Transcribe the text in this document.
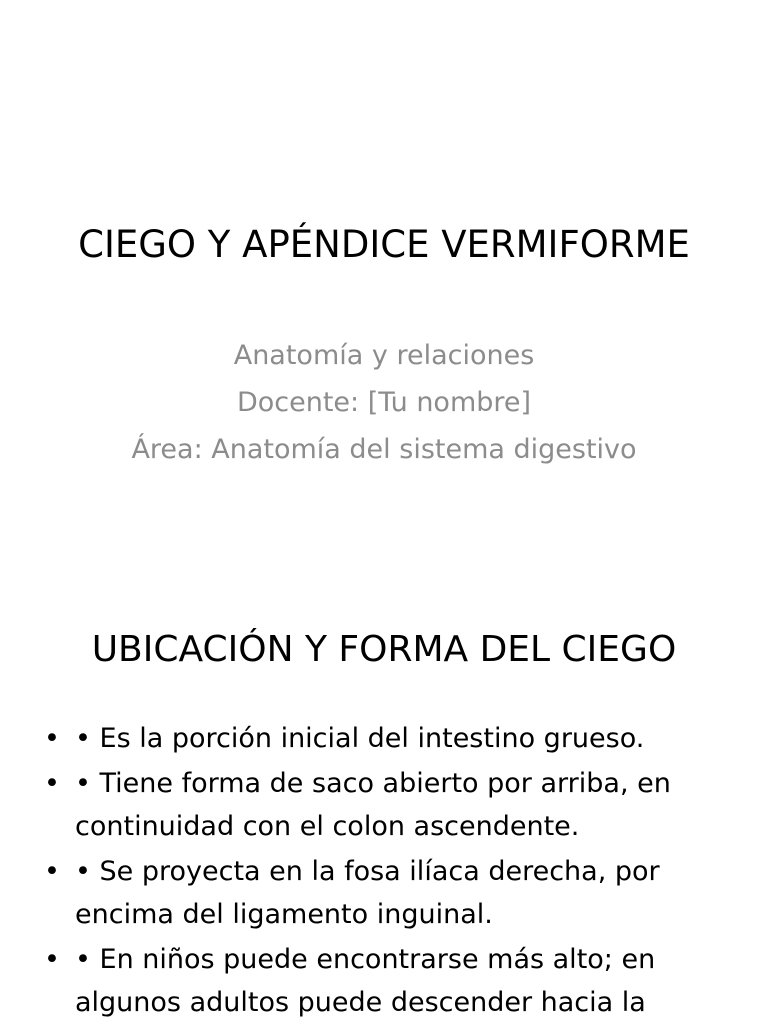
CIEGO Y APÉNDICE VERMIFORME
Anatomía y relaciones
Docente: [Tu nombre]
Área: Anatomía del sistema digestivo
UBICACIÓN Y FORMA DEL CIEGO
• • Es la porción inicial del intestino grueso.
• • Tiene forma de saco abierto por arriba, en continuidad con el colon ascendente.
• • Se proyecta en la fosa ilíaca derecha, por encima del ligamento inguinal.
• • En niños puede encontrarse más alto; en algunos adultos puede descender hacia la
